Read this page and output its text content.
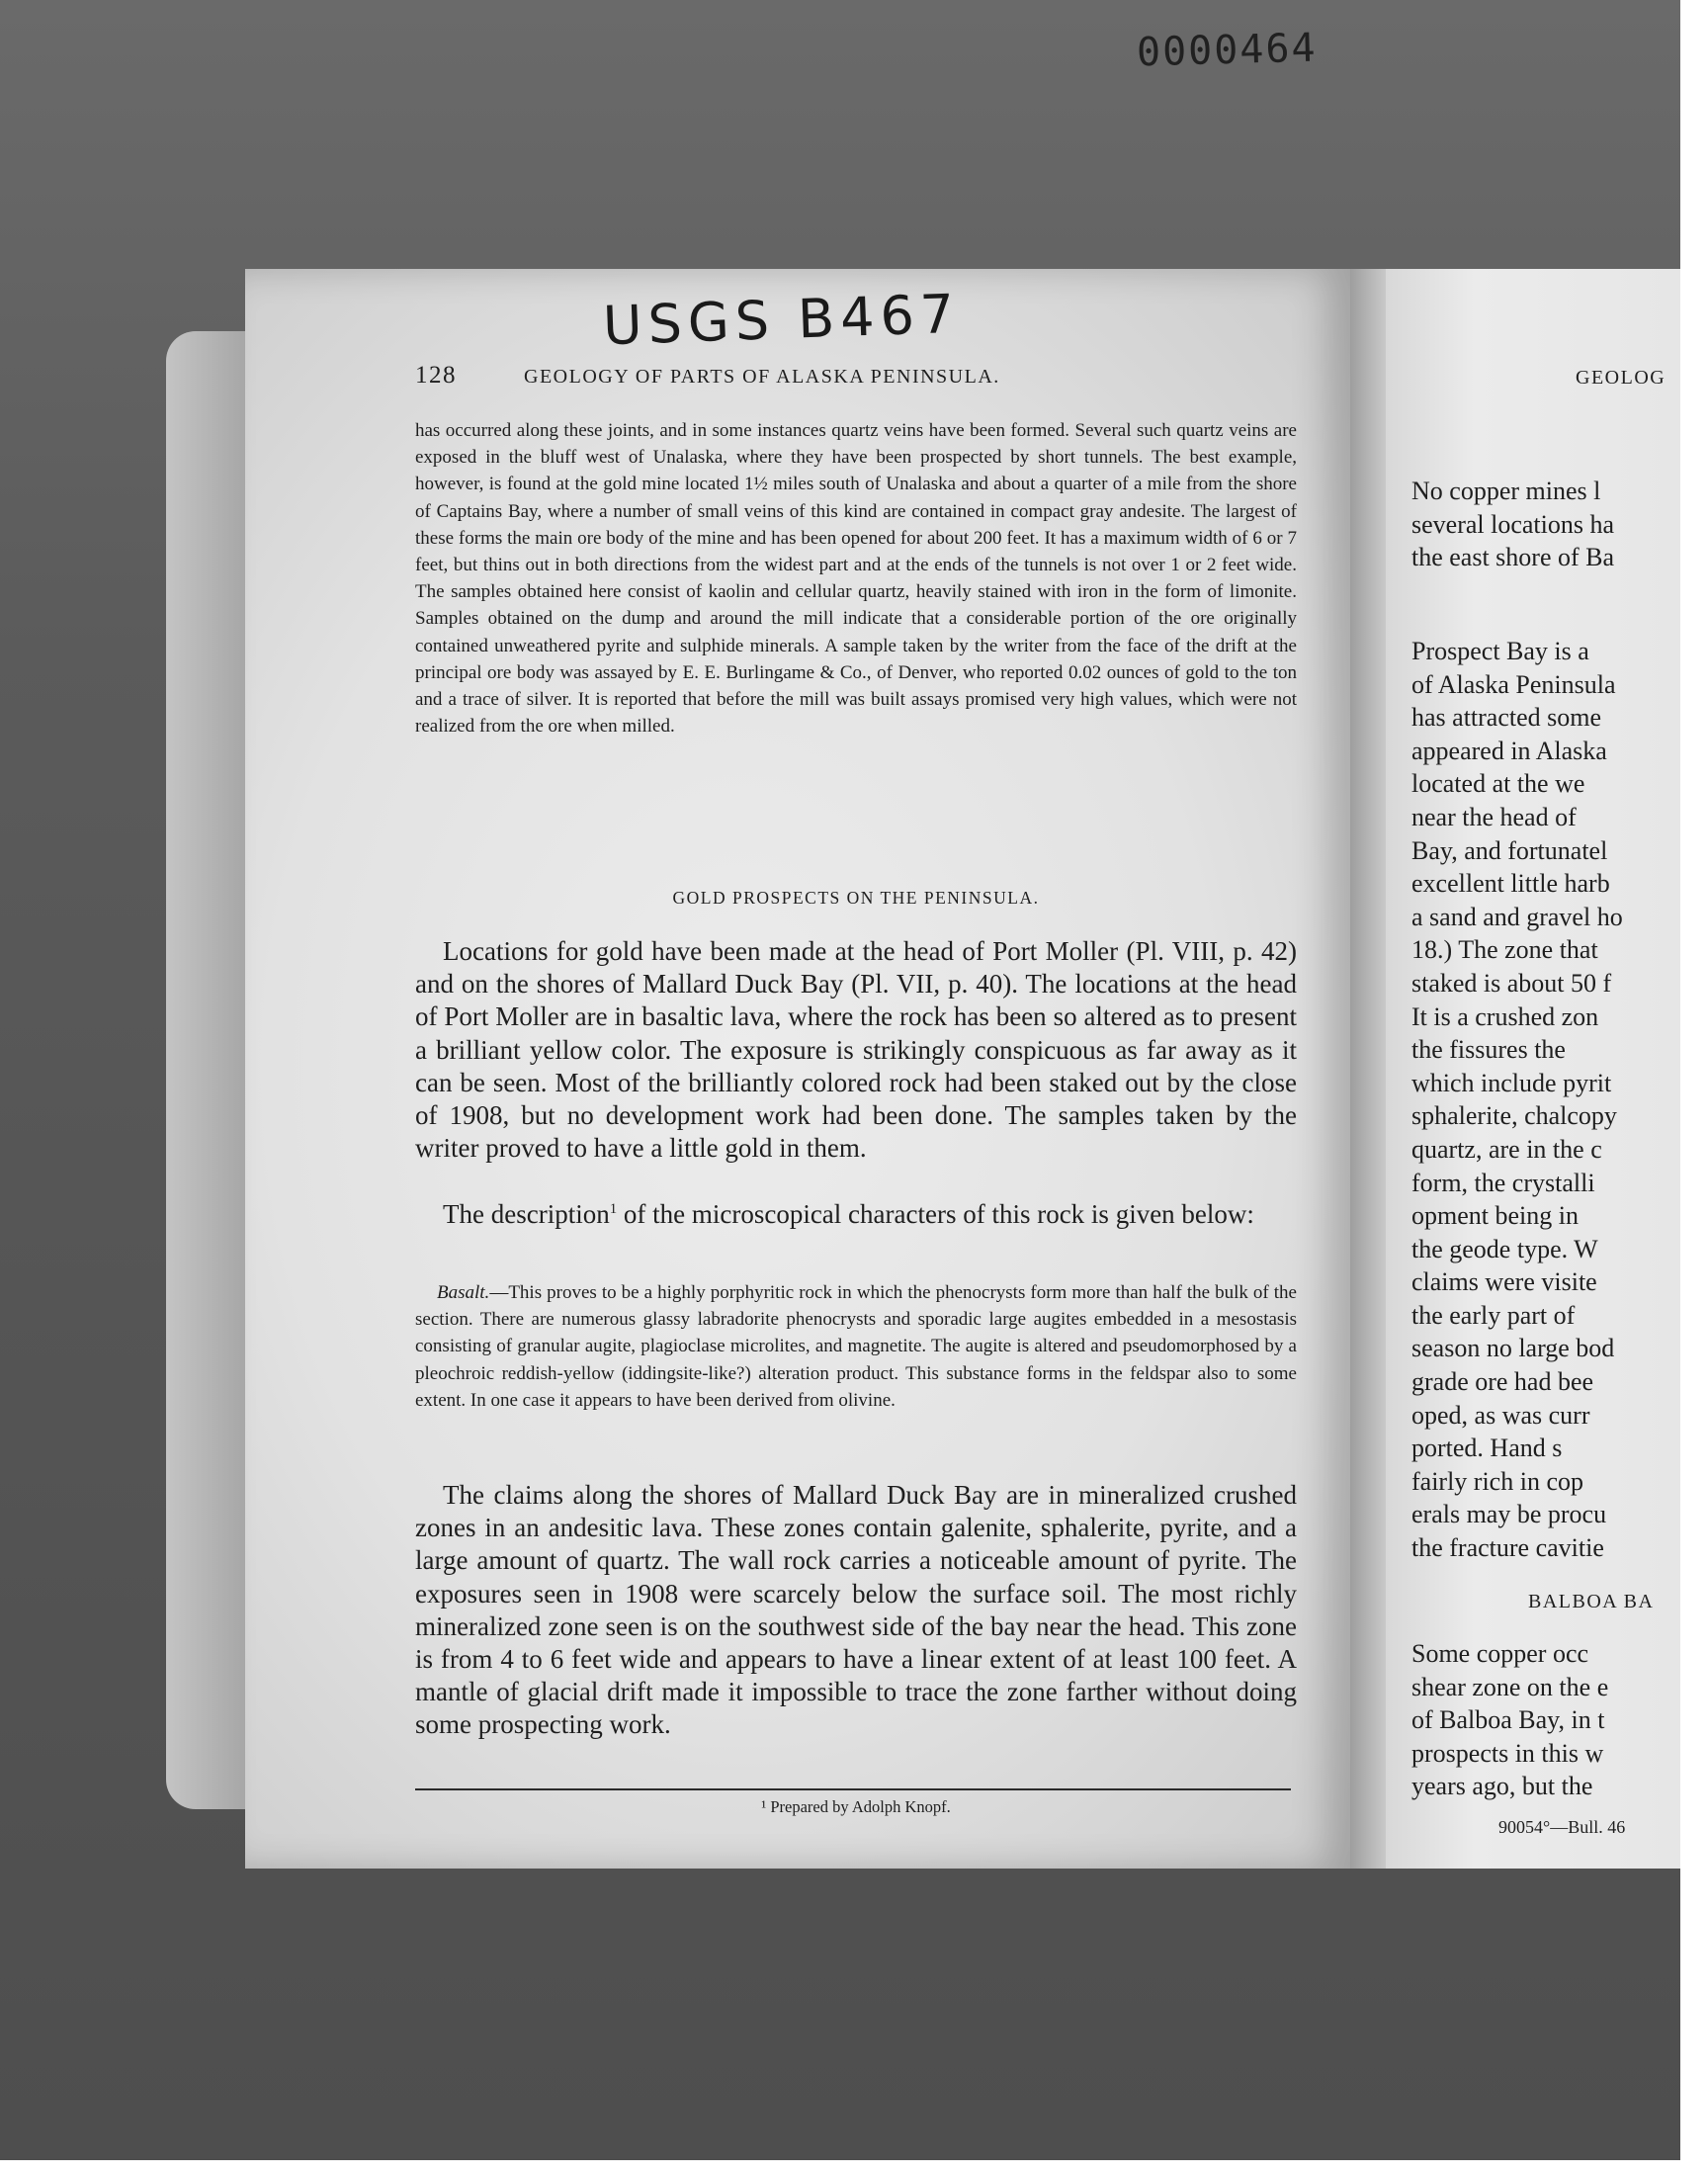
0000464
USGS B467
128	GEOLOGY OF PARTS OF ALASKA PENINSULA.
has occurred along these joints, and in some instances quartz veins have been formed. Several such quartz veins are exposed in the bluff west of Unalaska, where they have been prospected by short tunnels. The best example, however, is found at the gold mine located 1½ miles south of Unalaska and about a quarter of a mile from the shore of Captains Bay, where a number of small veins of this kind are contained in compact gray andesite. The largest of these forms the main ore body of the mine and has been opened for about 200 feet. It has a maximum width of 6 or 7 feet, but thins out in both directions from the widest part and at the ends of the tunnels is not over 1 or 2 feet wide. The samples obtained here consist of kaolin and cellular quartz, heavily stained with iron in the form of limonite. Samples obtained on the dump and around the mill indicate that a considerable portion of the ore originally contained unweathered pyrite and sulphide minerals. A sample taken by the writer from the face of the drift at the principal ore body was assayed by E. E. Burlingame & Co., of Denver, who reported 0.02 ounces of gold to the ton and a trace of silver. It is reported that before the mill was built assays promised very high values, which were not realized from the ore when milled.
GOLD PROSPECTS ON THE PENINSULA.
Locations for gold have been made at the head of Port Moller (Pl. VIII, p. 42) and on the shores of Mallard Duck Bay (Pl. VII, p. 40). The locations at the head of Port Moller are in basaltic lava, where the rock has been so altered as to present a brilliant yellow color. The exposure is strikingly conspicuous as far away as it can be seen. Most of the brilliantly colored rock had been staked out by the close of 1908, but no development work had been done. The samples taken by the writer proved to have a little gold in them.
The description$^1$ of the microscopical characters of this rock is given below:
Basalt.—This proves to be a highly porphyritic rock in which the phenocrysts form more than half the bulk of the section. There are numerous glassy labradorite phenocrysts and sporadic large augites embedded in a mesostasis consisting of granular augite, plagioclase microlites, and magnetite. The augite is altered and pseudomorphosed by a pleochroic reddish-yellow (iddingsite-like?) alteration product. This substance forms in the feldspar also to some extent. In one case it appears to have been derived from olivine.
The claims along the shores of Mallard Duck Bay are in mineralized crushed zones in an andesitic lava. These zones contain galenite, sphalerite, pyrite, and a large amount of quartz. The wall rock carries a noticeable amount of pyrite. The exposures seen in 1908 were scarcely below the surface soil. The most richly mineralized zone seen is on the southwest side of the bay near the head. This zone is from 4 to 6 feet wide and appears to have a linear extent of at least 100 feet. A mantle of glacial drift made it impossible to trace the zone farther without doing some prospecting work.
¹ Prepared by Adolph Knopf.
GEOLOG
No copper mines l
several locations ha
the east shore of Ba
Prospect Bay is a
of Alaska Peninsula
has attracted some
appeared in Alaska
located at the we
near the head of
Bay, and fortunatel
excellent little harb
a sand and gravel ho
18.) The zone that
staked is about 50 f
It is a crushed zon
the fissures the
which include pyrit
sphalerite, chalcopy
quartz, are in the c
form, the crystalli
opment being in
the geode type. W
claims were visite
the early part of
season no large bod
grade ore had bee
oped, as was curr
ported. Hand s
fairly rich in cop
erals may be procu
the fracture cavitie
BALBOA BA
Some copper occ
shear zone on the e
of Balboa Bay, in t
prospects in this w
years ago, but the
90054°—Bull. 46
